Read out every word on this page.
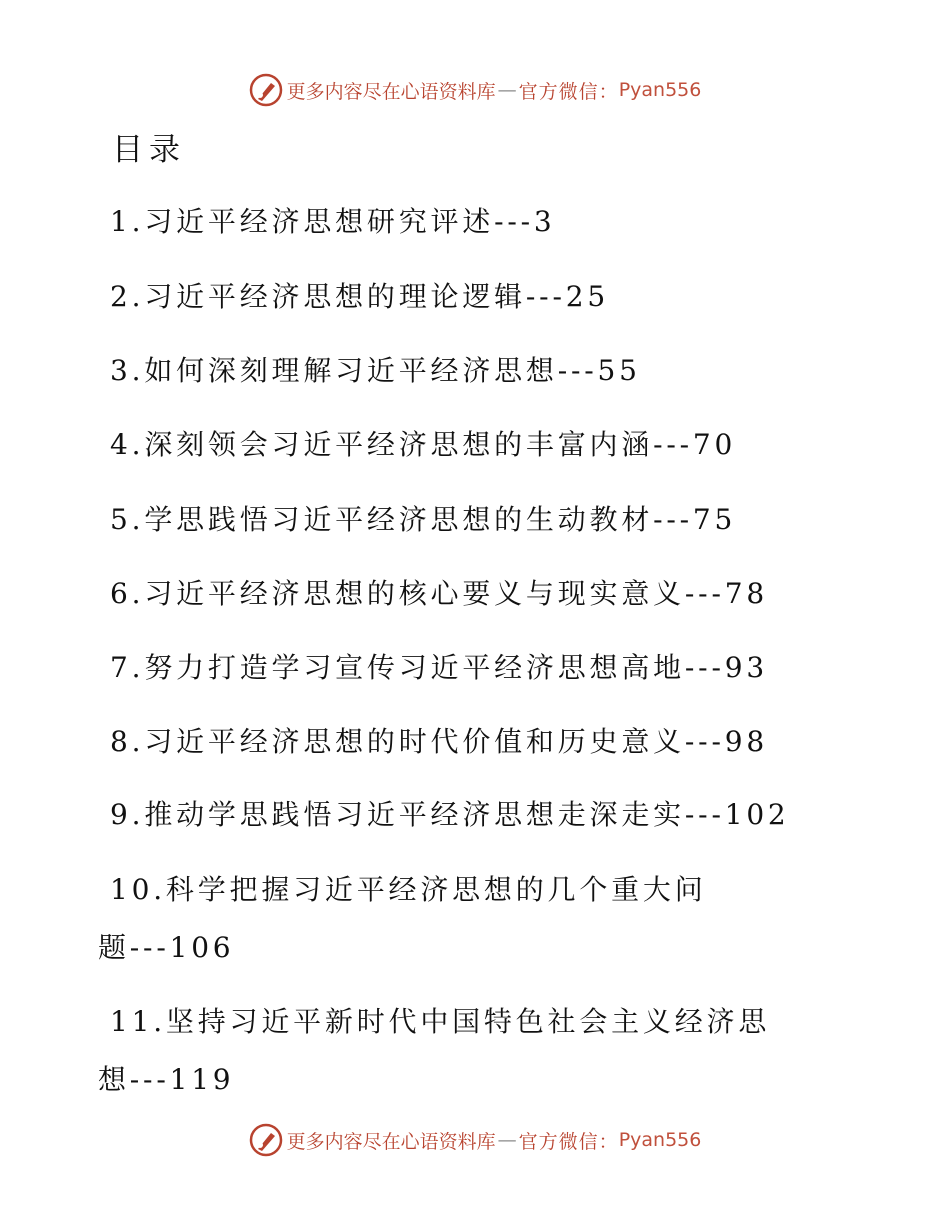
更多内容尽在心语资料库 — 官方微信： Pyan556
目录
1.习近平经济思想研究评述---3
2.习近平经济思想的理论逻辑---25
3.如何深刻理解习近平经济思想---55
4.深刻领会习近平经济思想的丰富内涵---70
5.学思践悟习近平经济思想的生动教材---75
6.习近平经济思想的核心要义与现实意义---78
7.努力打造学习宣传习近平经济思想高地---93
8.习近平经济思想的时代价值和历史意义---98
9.推动学思践悟习近平经济思想走深走实---102
10.科学把握习近平经济思想的几个重大问
题---106
11.坚持习近平新时代中国特色社会主义经济思
想---119
更多内容尽在心语资料库 — 官方微信： Pyan556
